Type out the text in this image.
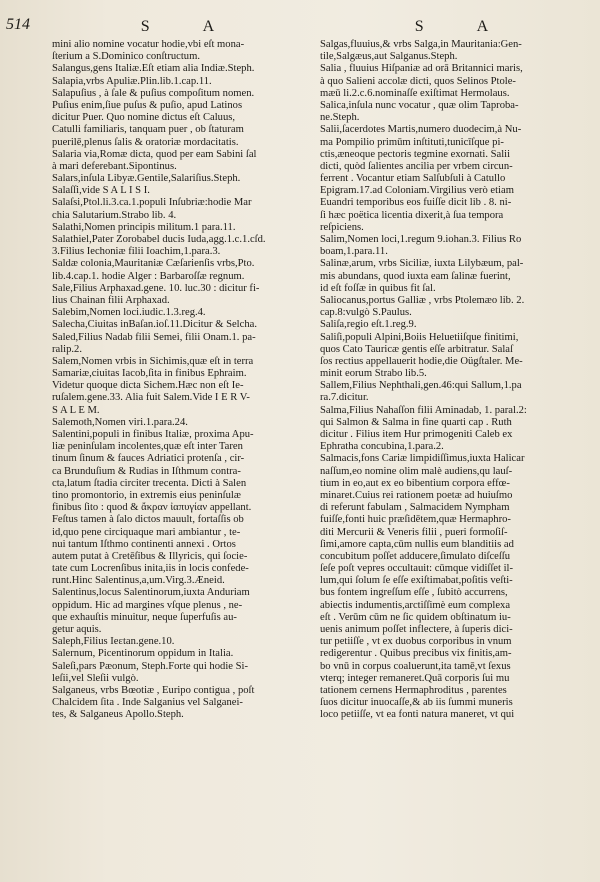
514	S	A	S	A
mini alio nomine vocatur hodie,vbi eſt mona-
ſterium a S.Dominico conſtructum.
Salangus,gens Italiæ.Eſt etiam alia Indiæ.Steph.
Salapia,vrbs Apuliæ.Plin.lib.1.cap.11.
Salapuſius , à ſale & puſius compoſitum nomen.
Puſius enim,ſiue puſus & puſio, apud Latinos
dicitur Puer. Quo nomine dictus eſt Caluus,
Catulli familiaris, tanquam puer , ob ſtaturam
puerilē,plenus ſalis & oratoriæ mordacitatis.
Salaria via,Romæ dicta, quod per eam Sabini ſal
à mari deferebant.Sipontinus.
Salars,inſula Libyæ.Gentile,Salariſius.Steph.
Salaſſi,vide S A L I S I.
Salaſsi,Ptol.li.3.ca.1.populi Inſubriæ:hodie Mar
chia Salutarium.Strabo lib. 4.
Salathi,Nomen principis militum.1 para.11.
Salathiel,Pater Zorobabel ducis Iuda,agg.1.c.1.cſd.
3.Filius Iechoniæ filii Ioachim,1.para.3.
Saldæ colonia,Mauritaniæ Cæſarienſis vrbs,Pto.
lib.4.cap.1. hodie Alger : Barbaroſſæ regnum.
Sale,Filius Arphaxad.gene. 10. luc.30 : dicitur fi-
lius Chainan filii Arphaxad.
Salebim,Nomen loci.iudic.1.3.reg.4.
Salecha,Ciuitas inBaſan.ioſ.11.Dicitur & Selcha.
Saled,Filius Nadab filii Semei, filii Onam.1. pa-
ralip.2.
Salem,Nomen vrbis in Sichimis,quæ eſt in terra
Samariæ,ciuitas Iacob,ſita in finibus Ephraim.
Videtur quoque dicta Sichem.Hæc non eſt Ie-
ruſalem.gene.33. Alia fuit Salem.Vide I E R V-
S A L E M.
Salemoth,Nomen viri.1.para.24.
Salentini,populi in finibus Italiæ, proxima Apu-
liæ peninſulam incolentes,quæ eſt inter Taren
tinum ſinum & fauces Adriatici protenſa , cir-
ca Brunduſium & Rudias in Iſthmum contra-
cta,latum ſtadia circiter trecenta. Dicti à Salen
tino promontorio, in extremis eius peninſulæ
finibus ſito : quod & ἄκραν ἰαπυγίαν appellant.
Feſtus tamen à ſalo dictos mauult, fortaſſis ob
id,quo pene circiquaque mari ambiantur , te-
nui tantum Iſthmo continenti annexi . Ortos
autem putat à Cretēſibus & Illyricis, qui ſocie-
tate cum Locrenſibus inita,iis in locis confede-
runt.Hinc Salentinus,a,um.Virg.3.Æneid.
Salentinus,locus Salentinorum,iuxta Anduriam
oppidum. Hic ad margines vſque plenus , ne-
que exhauſtis minuitur, neque ſuperfuſis au-
getur aquis.
Saleph,Filius Ieɛtan.gene.10.
Salernum, Picentinorum oppidum in Italia.
Saleſi,pars Pæonum, Steph.Forte qui hodie Si-
leſii,vel Sleſii vulgò.
Salganeus, vrbs Bœotiæ , Euripo contigua , poſt
Chalcidem ſita . Inde Salganius vel Salganei-
tes, & Salganeus Apollo.Steph.
Salgas,fluuius,& vrbs Salga,in Mauritania:Gen-
tile,Salgæus,aut Salganus.Steph.
Salia , fluuius Hiſpaniæ ad orā Britannici maris,
à quo Salieni accolæ dicti, quos Selinos Ptole-
mæū li.2.c.6.nominaſſe exiſtimat Hermolaus.
Salica,inſula nunc vocatur , quæ olim Taproba-
ne.Steph.
Salii,ſacerdotes Martis,numero duodecim,à Nu-
ma Pompilio primūm inſtituti,tunicīſque pi-
ctis,æneoque pectoris tegmine exornati. Salii
dicti, quòd ſalientes ancilia per vrbem circun-
ferrent . Vocantur etiam Salſubſuli à Catullo
Epigram.17.ad Coloniam.Virgilius verò etiam
Euandri temporibus eos fuiſſe dicit lib . 8. ni-
ſi hæc poëtica licentia dixerit,à ſua tempora
reſpiciens.
Salim,Nomen loci,1.regum 9.iohan.3. Filius Ro
boam,1.para.11.
Salinæ,arum, vrbs Siciliæ, iuxta Lilybæum, pal-
mis abundans, quod iuxta eam ſalinæ fuerint,
id eſt foſſæ in quibus fit ſal.
Saliocanus,portus Galliæ , vrbs Ptolemæo lib. 2.
cap.8:vulgò S.Paulus.
Saliſa,regio eſt.1.reg.9.
Saliſi,populi Alpini,Boiis Heluetiiſque finitimi,
quos Cato Tauricæ gentis eſſe arbitratur. Salaſ
ſos rectius appellauerit hodie,die Oügſtaler. Me-
minit eorum Strabo lib.5.
Sallem,Filius Nephthali,gen.46:qui Sallum,1.pa
ra.7.dicitur.
Salma,Filius Nahaſſon filii Aminadab, 1. paral.2:
qui Salmon & Salma in fine quarti cap . Ruth
dicitur . Filius item Hur primogeniti Caleb ex
Ephratha concubina,1.para.2.
Salmacis,fons Cariæ limpidiſſimus,iuxta Halicar
naſſum,eo nomine olim malè audiens,qu lauſ-
tium in eo,aut ex eo bibentium corpora effœ-
minaret.Cuius rei rationem poetæ ad huiuſmo
di referunt fabulam , Salmacidem Nympham
fuiſſe,fonti huic præſidētem,quæ Hermaphro-
diti Mercurii & Veneris filii , pueri formoſiſ-
ſimi,amore capta,cūm nullis eum blanditiis ad
concubitum poſſet adducere,ſimulato diſceſſu
ſeſe poſt vepres occultauit: cūmque vidiſſet il-
lum,qui ſolum ſe eſſe exiſtimabat,poſitis veſti-
bus fontem ingreſſum eſſe , ſubitò accurrens,
abiectis indumentis,arctiſſimè eum complexa
eſt . Verūm cūm ne ſic quidem obſtinatum iu-
uenis animum poſſet inflectere, à ſuperis dici-
tur petiiſſe , vt ex duobus corporibus in vnum
redigerentur . Quibus precibus vix finitis,am-
bo vnū in corpus coaluerunt,ita tamē,vt ſexus
vterq; integer remaneret.Quā corporis ſui mu
tationem cernens Hermaphroditus , parentes
ſuos dicitur inuocaſſe,& ab iis ſummi muneris
loco petiiſſe, vt ea fonti natura maneret, vt qui
